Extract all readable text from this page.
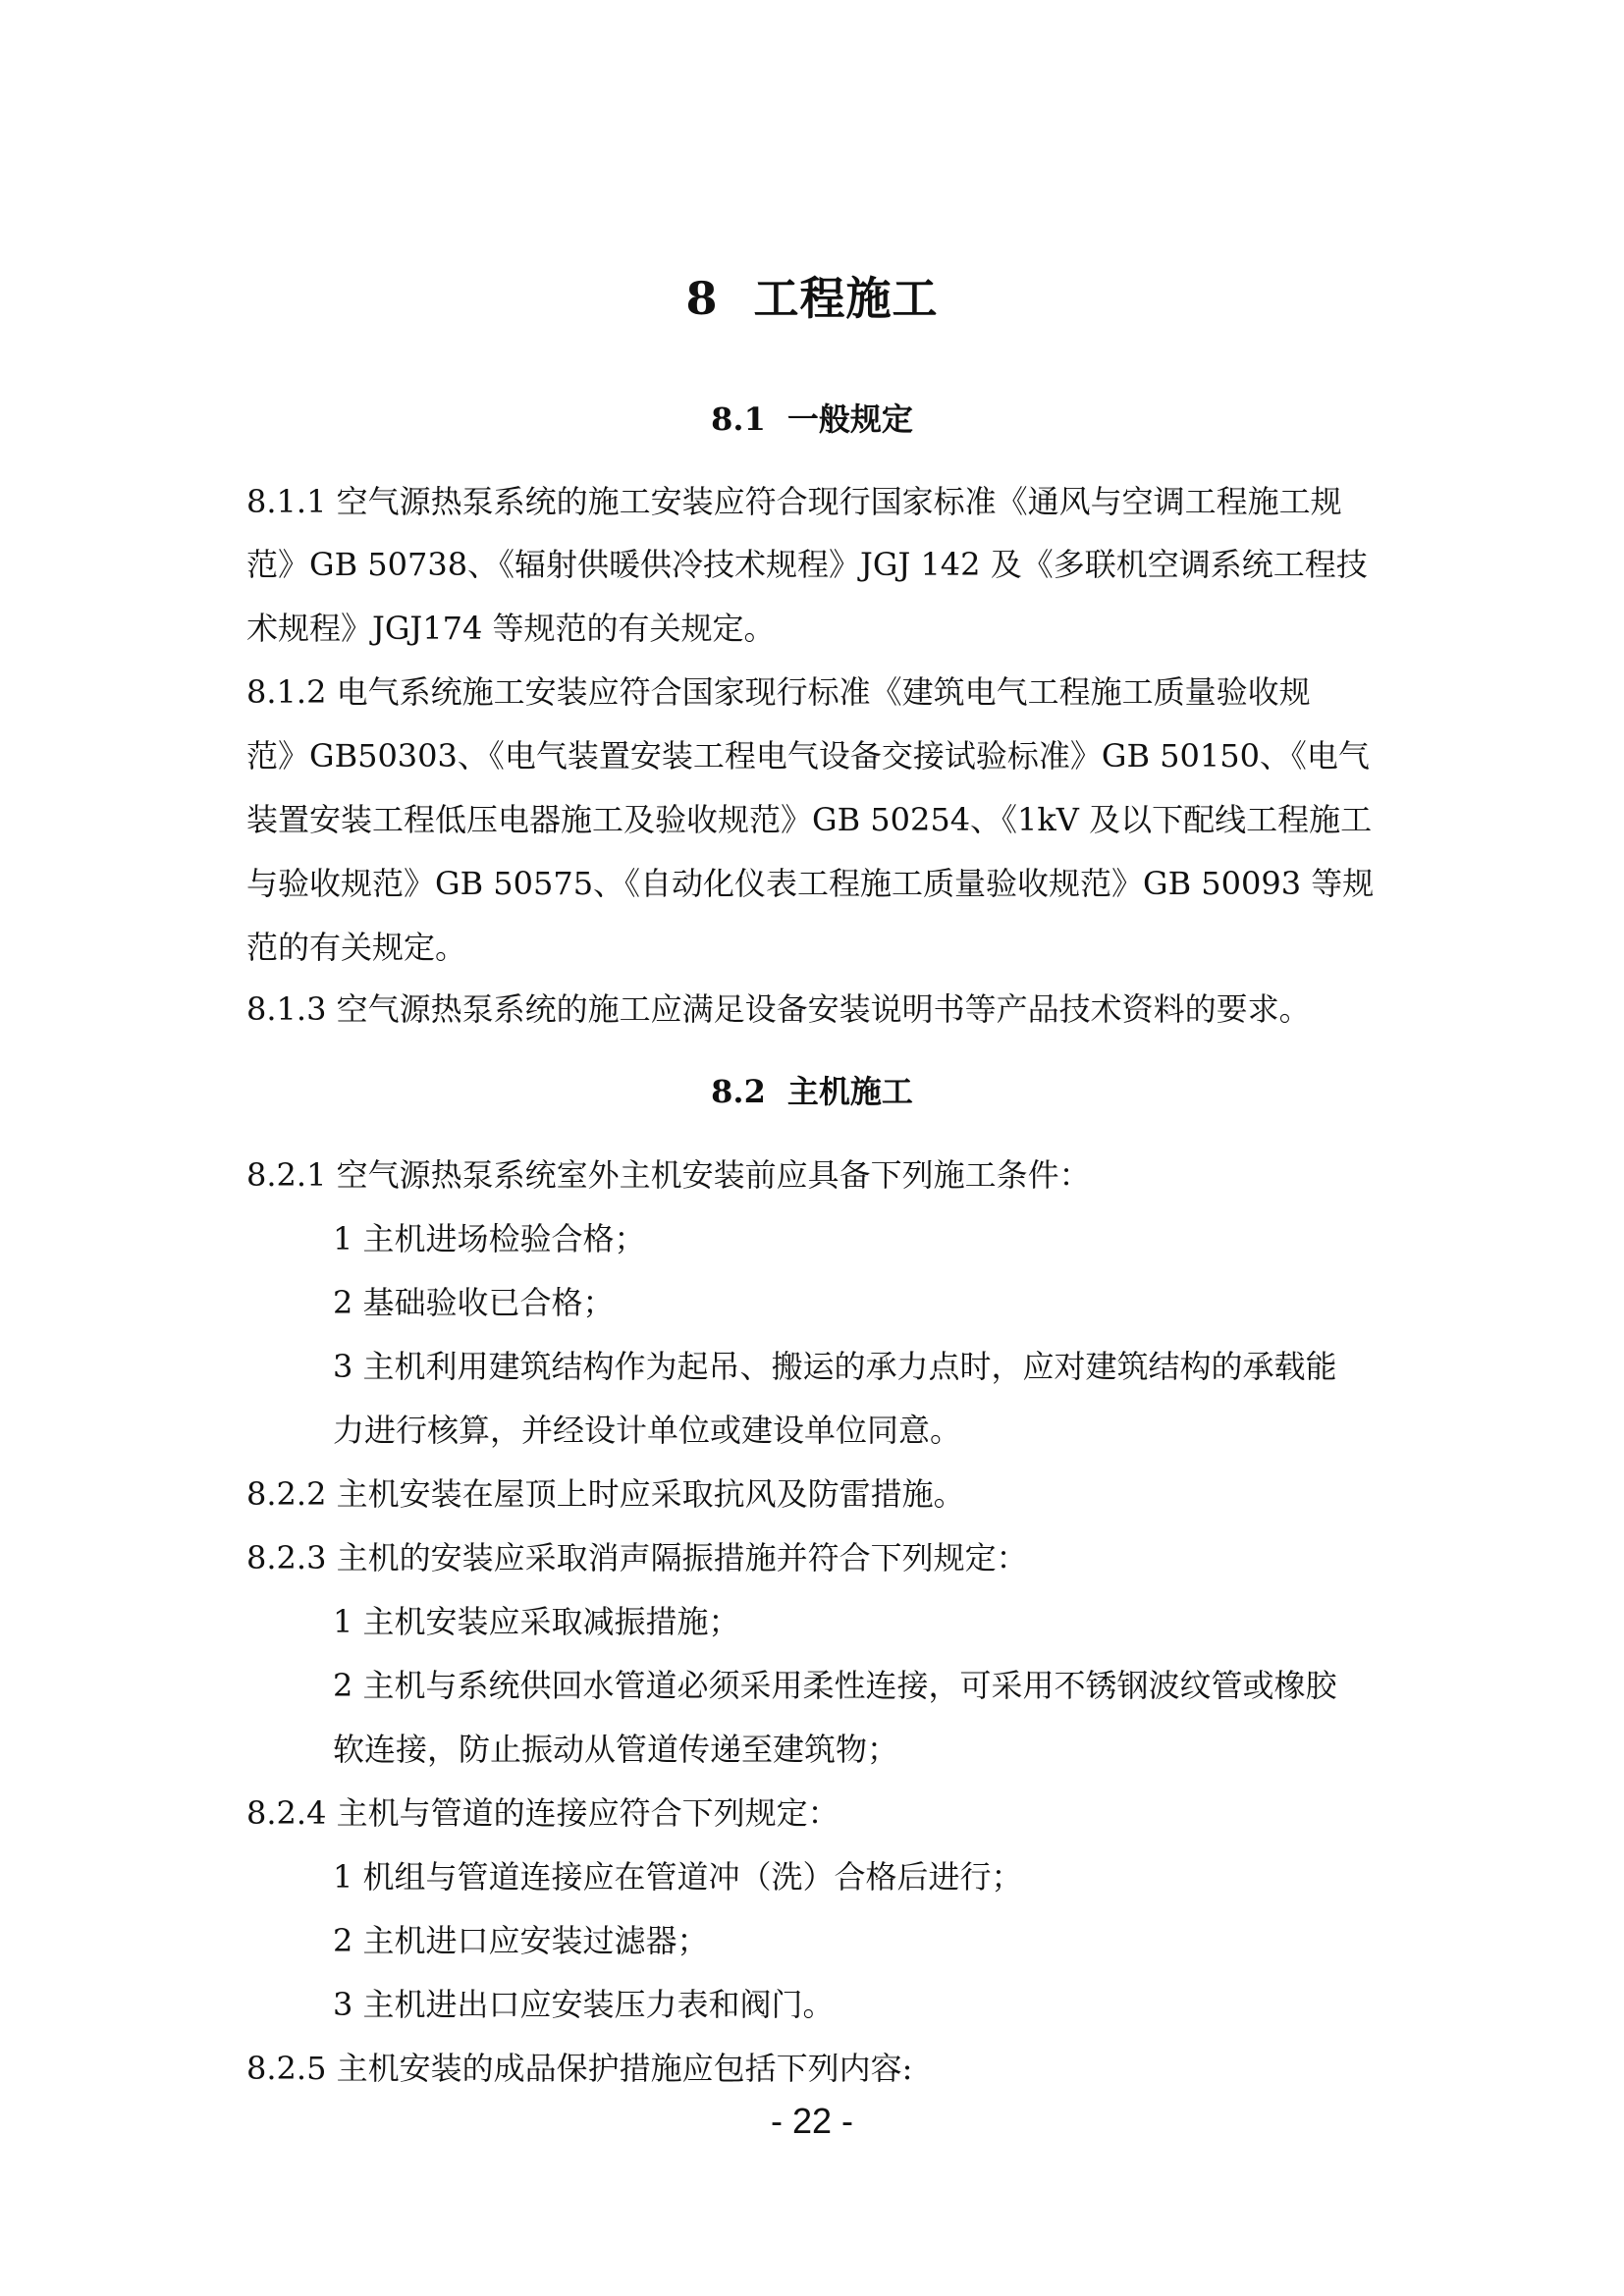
8 工程施工
8.1 一般规定
8.1.1 空气源热泵系统的施工安装应符合现行国家标准《通风与空调工程施工规
范》GB 50738、《辐射供暖供冷技术规程》JGJ 142 及《多联机空调系统工程技
术规程》JGJ174 等规范的有关规定。
8.1.2 电气系统施工安装应符合国家现行标准《建筑电气工程施工质量验收规
范》GB50303、《电气装置安装工程电气设备交接试验标准》GB 50150、《电气
装置安装工程低压电器施工及验收规范》GB 50254、《1kV 及以下配线工程施工
与验收规范》GB 50575、《自动化仪表工程施工质量验收规范》GB 50093 等规
范的有关规定。
8.1.3 空气源热泵系统的施工应满足设备安装说明书等产品技术资料的要求。
8.2 主机施工
8.2.1 空气源热泵系统室外主机安装前应具备下列施工条件：
1 主机进场检验合格；
2 基础验收已合格；
3 主机利用建筑结构作为起吊、搬运的承力点时，应对建筑结构的承载能
力进行核算，并经设计单位或建设单位同意。
8.2.2 主机安装在屋顶上时应采取抗风及防雷措施。
8.2.3 主机的安装应采取消声隔振措施并符合下列规定：
1 主机安装应采取减振措施；
2 主机与系统供回水管道必须采用柔性连接，可采用不锈钢波纹管或橡胶
软连接，防止振动从管道传递至建筑物；
8.2.4 主机与管道的连接应符合下列规定：
1 机组与管道连接应在管道冲（洗）合格后进行；
2 主机进口应安装过滤器；
3 主机进出口应安装压力表和阀门。
8.2.5 主机安装的成品保护措施应包括下列内容:
- 22 -
